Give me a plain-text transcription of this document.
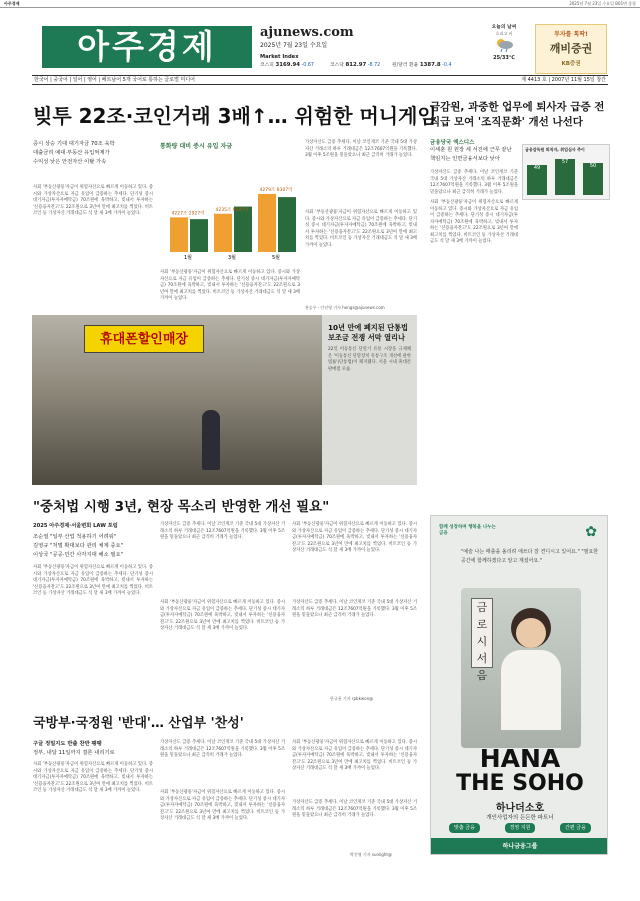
아주경제	2025년 7월 23일 수요일 B01면 종합
아주경제	ajunews.com
2025년 7월 23일 수요일
Market Index
코스피 3169.94 -0.67	코스닥 812.97 -8.72 원/달러 환율 1387.8 -0.4
오늘의 날씨
흐리고 비
25/33℃
투자를 톡딱!
깨비증권
KB증권
한국어 | 중국어 | 일어 | 영어 | 베트남어 5개 국어로 통하는 글로벌 미디어	제 4413 호 | 2007년 11월 15일 창간
빚투 22조·코인거래 3배↑… 위험한 머니게임
증시 상승 기대 대기자금 70조 육박
대출금리 예대·부동산 유입억제가
수익성 낮은 안전자산 이탈 가속
사회 '부동산광풍'자금이 위험자산으로 빠르게 이동하고 있다. 증시와 가상자산으로 자금 유입이 급증하는 추세다. 단기성 증시 대기자금(투자자예탁금) 70조원에 육박하고, 빚내서 투자하는 '신용융자잔고'도 22조원으로 3년여 만에 최고치를 찍었다. 비트코인 등 가상자산 거래대금도 석 달 새 3배 가까이 늘었다.
사회 '부동산광풍'자금이 위험자산으로 빠르게 이동하고 있다. 증시와 가상자산으로 자금 유입이 급증하는 추세다. 단기성 증시 대기자금(투자자예탁금) 70조원에 육박하고, 빚내서 투자하는 '신용융자잔고'도 22조원으로 3년여 만에 최고치를 찍었다. 비트코인 등 가상자산 거래대금도 석 달 새 3배 가까이 늘었다.
가상자산도 급증 추세다. 이날 코인게코 기준 국내 5대 가상자산 거래소의 하루 거래대금은 12조7607억원을 기록했다. 3월 이후 5조원을 밑돌았으나 최근 급격히 거래가 늘었다.
사회 '부동산광풍'자금이 위험자산으로 빠르게 이동하고 있다. 증시와 가상자산으로 자금 유입이 급증하는 추세다. 단기성 증시 대기자금(투자자예탁금) 70조원에 육박하고, 빚내서 투자하는 '신용융자잔고'도 22조원으로 3년여 만에 최고치를 찍었다. 비트코인 등 가상자산 거래대금도 석 달 새 3배 가까이 늘었다.
홍승우 · 안선영 기자 hongs@ajunews.com
통화량 대비 증시 유입 자금
1월
4227조 2927억
3월
4235조 8187억
5월
4279조 8307억
휴대폰할인매장
10년 만에 폐지된 단통법 보조금 전쟁 서막 열리나
22일 이동통신 단말기 유통 시장을 규제해 온 '이동통신 단말장치 유통구조 개선에 관한 법률'(단통법)이 폐지됐다. 서울 시내 휴대폰 판매점 모습.
금감원, 과중한 업무에 퇴사자 급증 전 직급 모여 '조직문화' 개선 나선다
금융당국 엑스디스
이세훈 원 원장 세 서진에 근무 끝난
책임지는 인면금융서보다 낮아
금융감독원 퇴직자, 취업심사 추이
49
57
50
가상자산도 급증 추세다. 이날 코인게코 기준 국내 5대 가상자산 거래소의 하루 거래대금은 12조7607억원을 기록했다. 3월 이후 5조원을 밑돌았으나 최근 급격히 거래가 늘었다.
사회 '부동산광풍'자금이 위험자산으로 빠르게 이동하고 있다. 증시와 가상자산으로 자금 유입이 급증하는 추세다. 단기성 증시 대기자금(투자자예탁금) 70조원에 육박하고, 빚내서 투자하는 '신용융자잔고'도 22조원으로 3년여 만에 최고치를 찍었다. 비트코인 등 가상자산 거래대금도 석 달 새 3배 가까이 늘었다.
"중처법 시행 3년, 현장 목소리 반영한 개선 필요"
2025 아주경제·서울변회 LAW 포럼
조순열 "일부 산업 적용하기 어려워"
김영규 "처벌 확대보다 관리 체계 중요"
이상국 "공공·민간 사각지대 해소 필요"
사회 '부동산광풍'자금이 위험자산으로 빠르게 이동하고 있다. 증시와 가상자산으로 자금 유입이 급증하는 추세다. 단기성 증시 대기자금(투자자예탁금) 70조원에 육박하고, 빚내서 투자하는 '신용융자잔고'도 22조원으로 3년여 만에 최고치를 찍었다. 비트코인 등 가상자산 거래대금도 석 달 새 3배 가까이 늘었다.
가상자산도 급증 추세다. 이날 코인게코 기준 국내 5대 가상자산 거래소의 하루 거래대금은 12조7607억원을 기록했다. 3월 이후 5조원을 밑돌았으나 최근 급격히 거래가 늘었다.
사회 '부동산광풍'자금이 위험자산으로 빠르게 이동하고 있다. 증시와 가상자산으로 자금 유입이 급증하는 추세다. 단기성 증시 대기자금(투자자예탁금) 70조원에 육박하고, 빚내서 투자하는 '신용융자잔고'도 22조원으로 3년여 만에 최고치를 찍었다. 비트코인 등 가상자산 거래대금도 석 달 새 3배 가까이 늘었다.
사회 '부동산광풍'자금이 위험자산으로 빠르게 이동하고 있다. 증시와 가상자산으로 자금 유입이 급증하는 추세다. 단기성 증시 대기자금(투자자예탁금) 70조원에 육박하고, 빚내서 투자하는 '신용융자잔고'도 22조원으로 3년여 만에 최고치를 찍었다. 비트코인 등 가상자산 거래대금도 석 달 새 3배 가까이 늘었다.
가상자산도 급증 추세다. 이날 코인게코 기준 국내 5대 가상자산 거래소의 하루 거래대금은 12조7607억원을 기록했다. 3월 이후 5조원을 밑돌았으나 최근 급격히 거래가 늘었다.
한규용 기자 rpbkwon@
국방부·국정원 '반대'… 산업부 '찬성'
구글 정밀지도 반출 찬반 팽팽
정부, 내달 11일까지 결론 내리기로
사회 '부동산광풍'자금이 위험자산으로 빠르게 이동하고 있다. 증시와 가상자산으로 자금 유입이 급증하는 추세다. 단기성 증시 대기자금(투자자예탁금) 70조원에 육박하고, 빚내서 투자하는 '신용융자잔고'도 22조원으로 3년여 만에 최고치를 찍었다. 비트코인 등 가상자산 거래대금도 석 달 새 3배 가까이 늘었다.
가상자산도 급증 추세다. 이날 코인게코 기준 국내 5대 가상자산 거래소의 하루 거래대금은 12조7607억원을 기록했다. 3월 이후 5조원을 밑돌았으나 최근 급격히 거래가 늘었다.
사회 '부동산광풍'자금이 위험자산으로 빠르게 이동하고 있다. 증시와 가상자산으로 자금 유입이 급증하는 추세다. 단기성 증시 대기자금(투자자예탁금) 70조원에 육박하고, 빚내서 투자하는 '신용융자잔고'도 22조원으로 3년여 만에 최고치를 찍었다. 비트코인 등 가상자산 거래대금도 석 달 새 3배 가까이 늘었다.
사회 '부동산광풍'자금이 위험자산으로 빠르게 이동하고 있다. 증시와 가상자산으로 자금 유입이 급증하는 추세다. 단기성 증시 대기자금(투자자예탁금) 70조원에 육박하고, 빚내서 투자하는 '신용융자잔고'도 22조원으로 3년여 만에 최고치를 찍었다. 비트코인 등 가상자산 거래대금도 석 달 새 3배 가까이 늘었다.
가상자산도 급증 추세다. 이날 코인게코 기준 국내 5대 가상자산 거래소의 하루 거래대금은 12조7607억원을 기록했다. 3월 이후 5조원을 밑돌았으나 최근 급격히 거래가 늘었다.
박진영 기자 sunlight@
함께 성장하며 행복을 나누는 금융	✿
"예술 나는 매출을 올리려 애쓰다 잘 견디시고 있어요." "필요한 공간에 함께하겠다고 알고 계셨어요."
금 로 시 서 음
HANA
THE SOHO
하나더소호
개인사업자의 든든한 파트너
맞춤 금융	경영 지원	간편 금융
하나금융그룹
